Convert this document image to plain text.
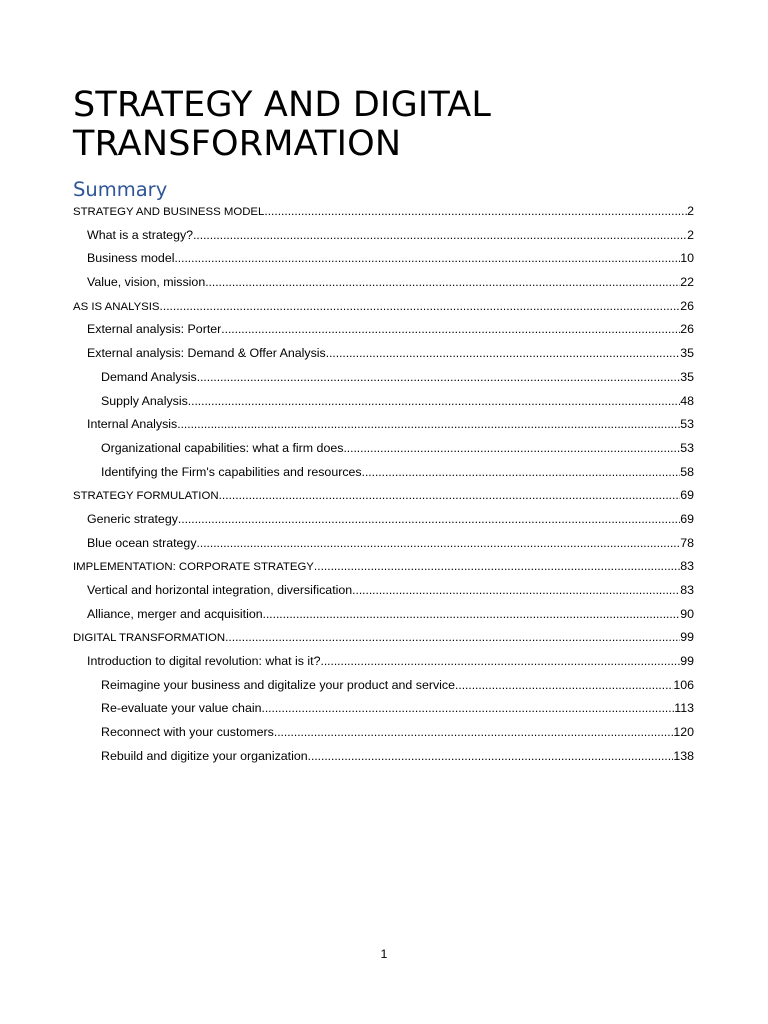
STRATEGY AND DIGITAL TRANSFORMATION
Summary
STRATEGY AND BUSINESS MODEL .....	2
What is a strategy? .....	2
Business model .....	10
Value, vision, mission .....	22
AS IS ANALYSIS .....	26
External analysis: Porter .....	26
External analysis: Demand & Offer Analysis .....	35
Demand Analysis .....	35
Supply Analysis .....	48
Internal Analysis .....	53
Organizational capabilities: what a firm does .....	53
Identifying the Firm's capabilities and resources .....	58
STRATEGY FORMULATION .....	69
Generic strategy .....	69
Blue ocean strategy .....	78
IMPLEMENTATION: CORPORATE STRATEGY .....	83
Vertical and horizontal integration, diversification .....	83
Alliance, merger and acquisition .....	90
DIGITAL TRANSFORMATION .....	99
Introduction to digital revolution: what is it? .....	99
Reimagine your business and digitalize your product and service .....	106
Re-evaluate your value chain .....	113
Reconnect with your customers .....	120
Rebuild and digitize your organization .....	138
1
